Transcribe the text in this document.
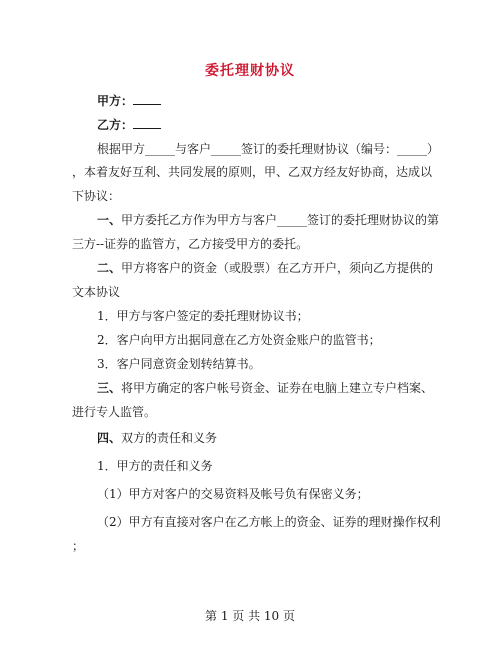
委托理财协议
甲方：
乙方：
根据甲方_____与客户_____签订的委托理财协议（编号：_____）
，本着友好互利、共同发展的原则，甲、乙双方经友好协商，达成以
下协议：
一、甲方委托乙方作为甲方与客户_____签订的委托理财协议的第
三方--证券的监管方，乙方接受甲方的委托。
二、甲方将客户的资金（或股票）在乙方开户，须向乙方提供的
文本协议
1．甲方与客户签定的委托理财协议书；
2．客户向甲方出据同意在乙方处资金账户的监管书；
3．客户同意资金划转结算书。
三、将甲方确定的客户帐号资金、证券在电脑上建立专户档案、
进行专人监管。
四、双方的责任和义务
1．甲方的责任和义务
（1）甲方对客户的交易资料及帐号负有保密义务；
（2）甲方有直接对客户在乙方帐上的资金、证券的理财操作权利
；
第 1 页 共 10 页
